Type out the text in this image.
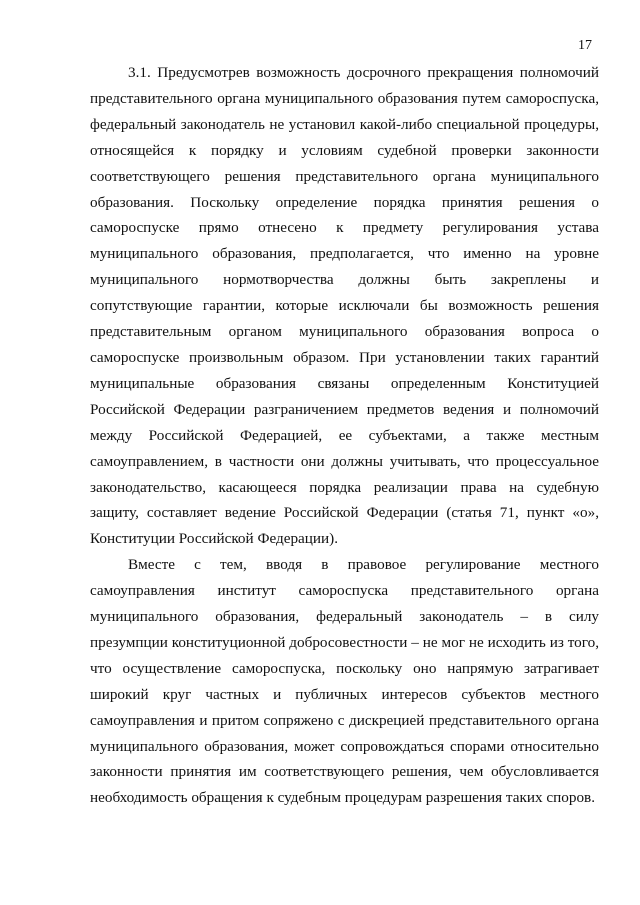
17

3.1. Предусмотрев возможность досрочного прекращения полномочий представительного органа муниципального образования путем самороспуска, федеральный законодатель не установил какой-либо специальной процедуры, относящейся к порядку и условиям судебной проверки законности соответствующего решения представительного органа муниципального образования. Поскольку определение порядка принятия решения о самороспуске прямо отнесено к предмету регулирования устава муниципального образования, предполагается, что именно на уровне муниципального нормотворчества должны быть закреплены и сопутствующие гарантии, которые исключали бы возможность решения представительным органом муниципального образования вопроса о самороспуске произвольным образом. При установлении таких гарантий муниципальные образования связаны определенным Конституцией Российской Федерации разграничением предметов ведения и полномочий между Российской Федерацией, ее субъектами, а также местным самоуправлением, в частности они должны учитывать, что процессуальное законодательство, касающееся порядка реализации права на судебную защиту, составляет ведение Российской Федерации (статья 71, пункт «о», Конституции Российской Федерации).

Вместе с тем, вводя в правовое регулирование местного самоуправления институт самороспуска представительного органа муниципального образования, федеральный законодатель – в силу презумпции конституционной добросовестности – не мог не исходить из того, что осуществление самороспуска, поскольку оно напрямую затрагивает широкий круг частных и публичных интересов субъектов местного самоуправления и притом сопряжено с дискрецией представительного органа муниципального образования, может сопровождаться спорами относительно законности принятия им соответствующего решения, чем обусловливается необходимость обращения к судебным процедурам разрешения таких споров.
